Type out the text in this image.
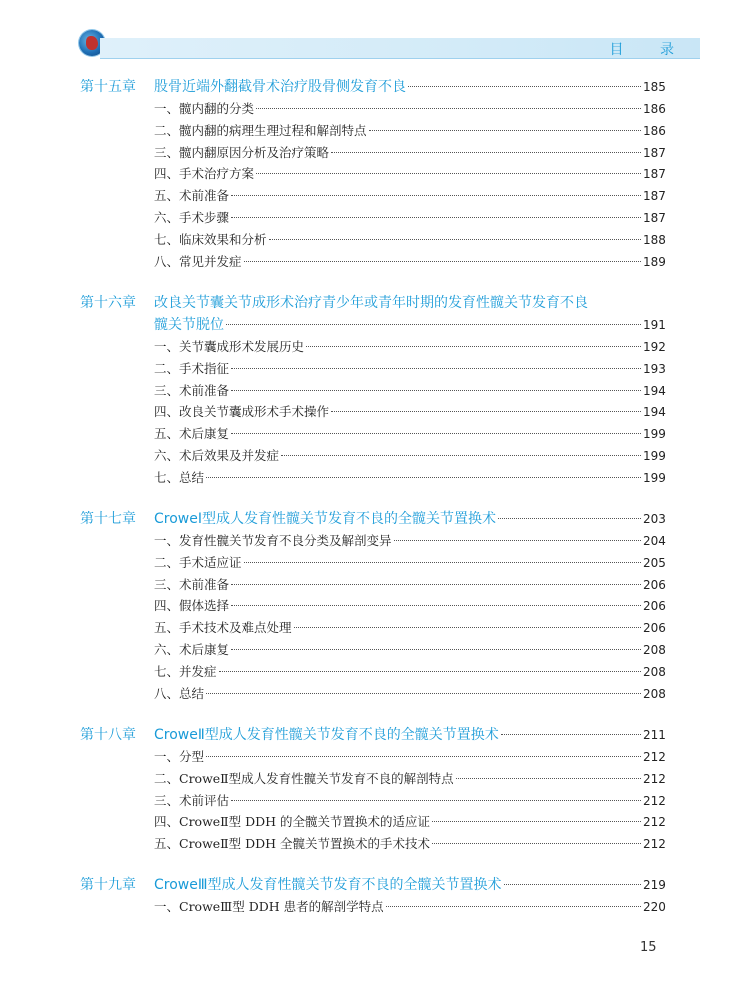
目 录
第十五章	股骨近端外翻截骨术治疗股骨侧发育不良	185
一、髋内翻的分类	186
二、髋内翻的病理生理过程和解剖特点	186
三、髋内翻原因分析及治疗策略	187
四、手术治疗方案	187
五、术前准备	187
六、手术步骤	187
七、临床效果和分析	188
八、常见并发症	189
第十六章	改良关节囊关节成形术治疗青少年或青年时期的发育性髋关节发育不良
髋关节脱位	191
一、关节囊成形术发展历史	192
二、手术指征	193
三、术前准备	194
四、改良关节囊成形术手术操作	194
五、术后康复	199
六、术后效果及并发症	199
七、总结	199
第十七章	CroweⅠ型成人发育性髋关节发育不良的全髋关节置换术	203
一、发育性髋关节发育不良分类及解剖变异	204
二、手术适应证	205
三、术前准备	206
四、假体选择	206
五、手术技术及难点处理	206
六、术后康复	208
七、并发症	208
八、总结	208
第十八章	CroweⅡ型成人发育性髋关节发育不良的全髋关节置换术	211
一、分型	212
二、CroweⅡ型成人发育性髋关节发育不良的解剖特点	212
三、术前评估	212
四、CroweⅡ型 DDH 的全髋关节置换术的适应证	212
五、CroweⅡ型 DDH 全髋关节置换术的手术技术	212
第十九章	CroweⅢ型成人发育性髋关节发育不良的全髋关节置换术	219
一、CroweⅢ型 DDH 患者的解剖学特点	220
15
